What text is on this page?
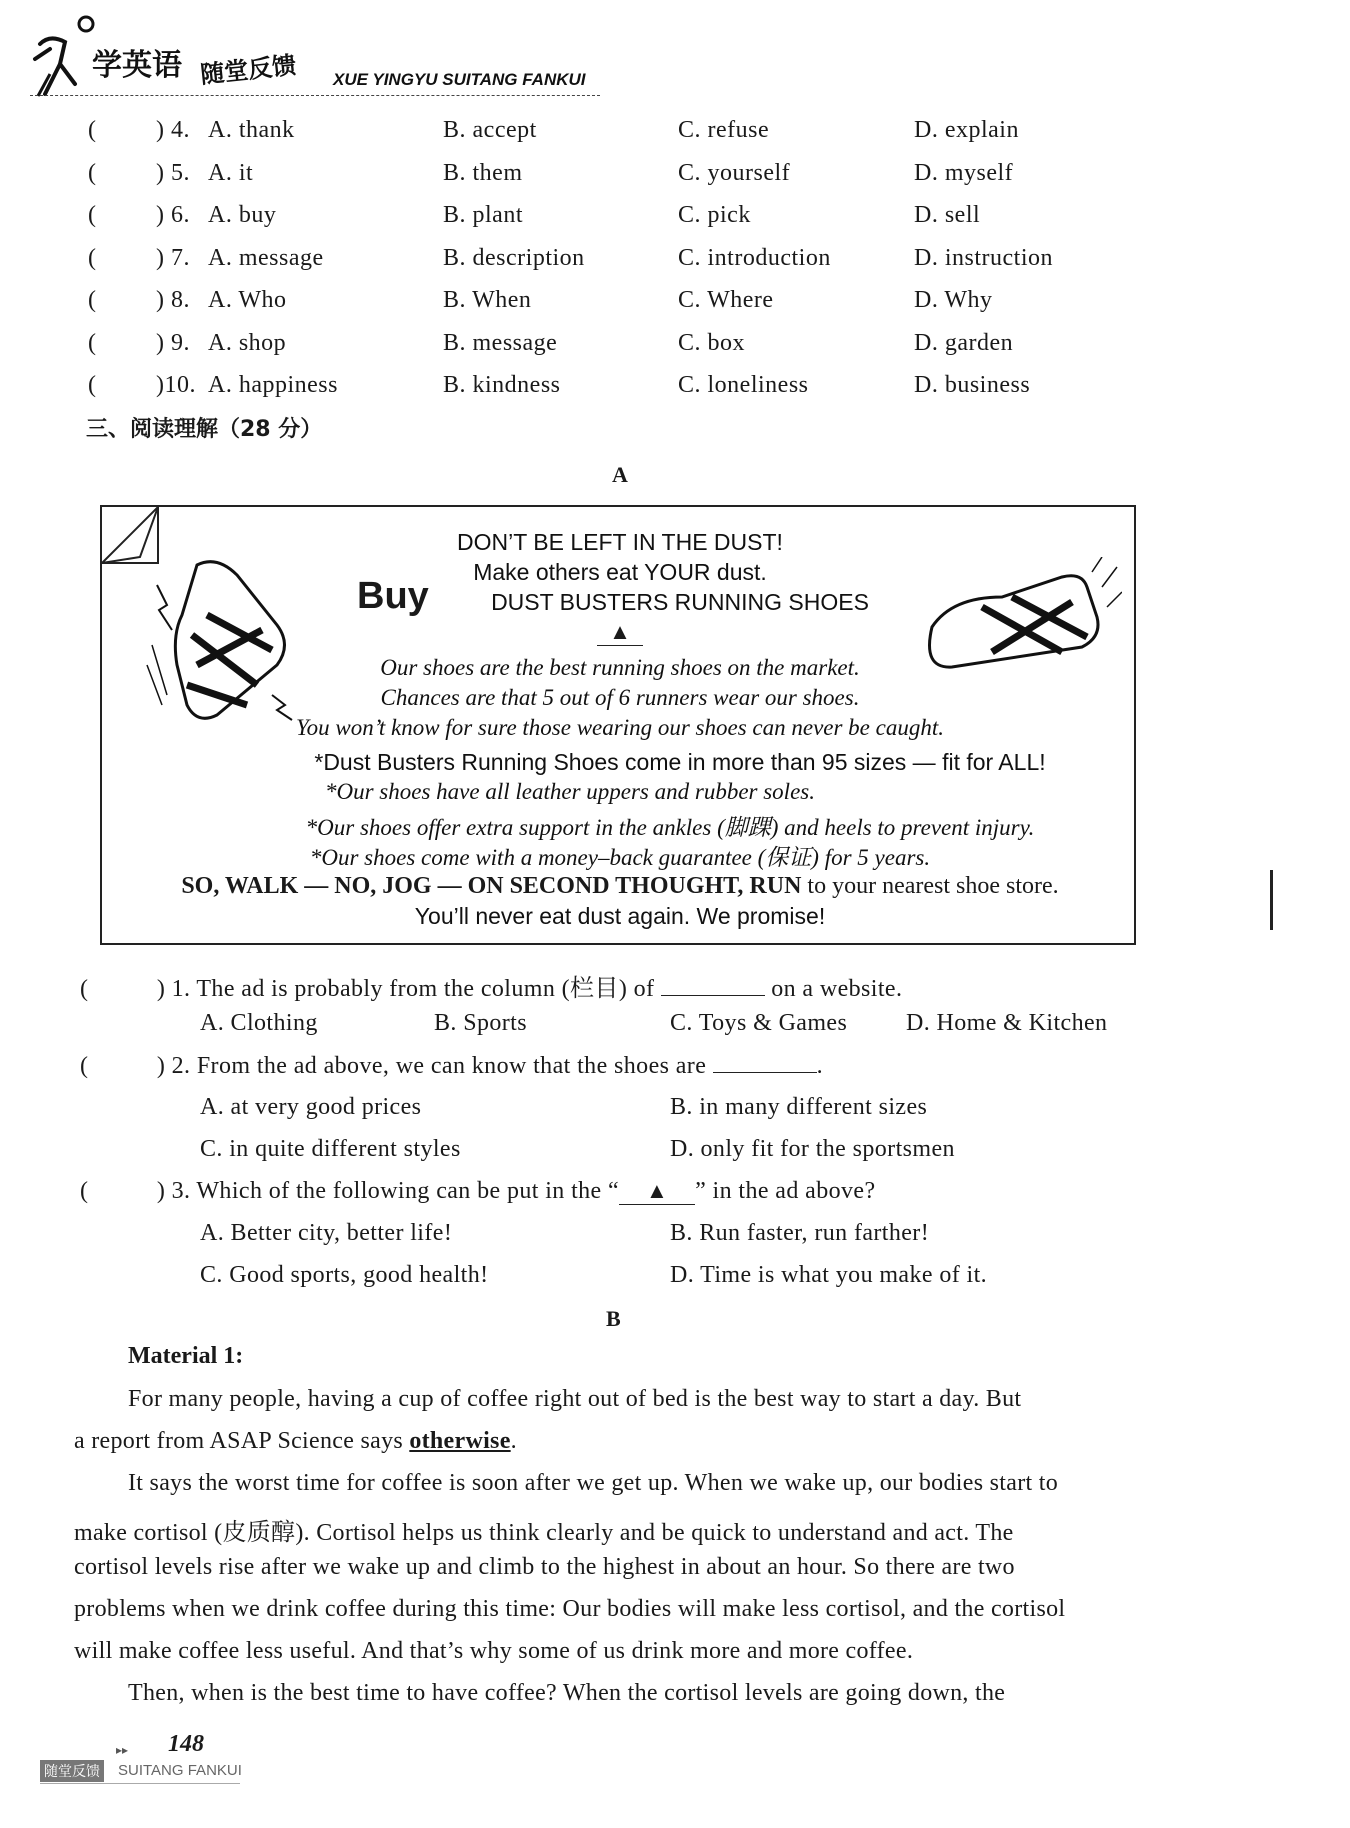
学英语 随堂反馈 XUE YINGYU SUITANG FANKUI
( ) 4. A. thank	B. accept	C. refuse	D. explain
( ) 5. A. it	B. them	C. yourself	D. myself
( ) 6. A. buy	B. plant	C. pick	D. sell
( ) 7. A. message	B. description	C. introduction	D. instruction
( ) 8. A. Who	B. When	C. Where	D. Why
( ) 9. A. shop	B. message	C. box	D. garden
( )10. A. happiness	B. kindness	C. loneliness	D. business
三、阅读理解（28 分）
A
DON’T BE LEFT IN THE DUST!
Make others eat YOUR dust.
Buy	DUST BUSTERS RUNNING SHOES
▲
Our shoes are the best running shoes on the market.
Chances are that 5 out of 6 runners wear our shoes.
You won’t know for sure those wearing our shoes can never be caught.
*Dust Busters Running Shoes come in more than 95 sizes — fit for ALL!
*Our shoes have all leather uppers and rubber soles.
*Our shoes offer extra support in the ankles (脚踝) and heels to prevent injury.
*Our shoes come with a money–back guarantee (保证) for 5 years.
SO, WALK — NO, JOG — ON SECOND THOUGHT, RUN to your nearest shoe store.
You’ll never eat dust again. We promise!
(	) 1. The ad is probably from the column (栏目) of	on a website.
A. Clothing	B. Sports	C. Toys & Games D. Home & Kitchen
(	) 2. From the ad above, we can know that the shoes are	.
A. at very good prices	B. in many different sizes
C. in quite different styles	D. only fit for the sportsmen
(	) 3. Which of the following can be put in the “ ▲ ” in the ad above?
A. Better city, better life!	B. Run faster, run farther!
C. Good sports, good health!	D. Time is what you make of it.
B
Material 1:
For many people, having a cup of coffee right out of bed is the best way to start a day. But
a report from ASAP Science says otherwise.
It says the worst time for coffee is soon after we get up. When we wake up, our bodies start to
make cortisol (皮质醇). Cortisol helps us think clearly and be quick to understand and act. The
cortisol levels rise after we wake up and climb to the highest in about an hour. So there are two
problems when we drink coffee during this time: Our bodies will make less cortisol, and the cortisol
will make coffee less useful. And that’s why some of us drink more and more coffee.
Then, when is the best time to have coffee? When the cortisol levels are going down, the
▸▸ 148
随堂反馈 SUITANG FANKUI
